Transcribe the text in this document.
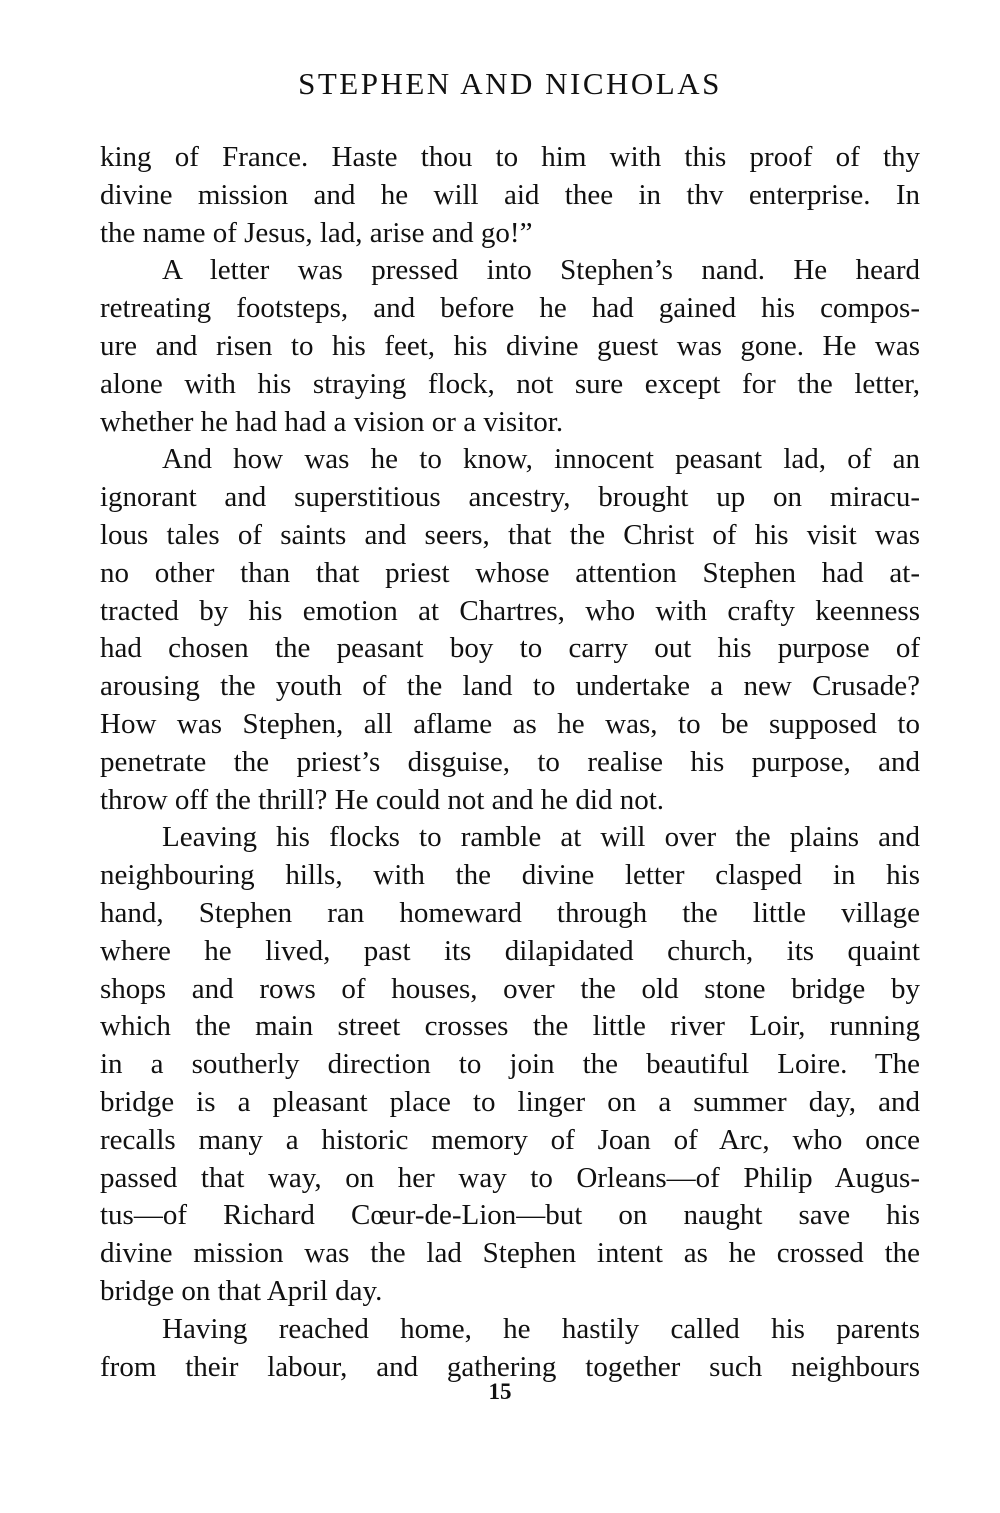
STEPHEN AND NICHOLAS
king of France. Haste thou to him with this proof of thy
divine mission and he will aid thee in thv enterprise. In
the name of Jesus, lad, arise and go!”
A letter was pressed into Stephen’s nand. He heard
retreating footsteps, and before he had gained his compos-
ure and risen to his feet, his divine guest was gone. He was
alone with his straying flock, not sure except for the letter,
whether he had had a vision or a visitor.
And how was he to know, innocent peasant lad, of an
ignorant and superstitious ancestry, brought up on miracu-
lous tales of saints and seers, that the Christ of his visit was
no other than that priest whose attention Stephen had at-
tracted by his emotion at Chartres, who with crafty keenness
had chosen the peasant boy to carry out his purpose of
arousing the youth of the land to undertake a new Crusade?
How was Stephen, all aflame as he was, to be supposed to
penetrate the priest’s disguise, to realise his purpose, and
throw off the thrill? He could not and he did not.
Leaving his flocks to ramble at will over the plains and
neighbouring hills, with the divine letter clasped in his
hand, Stephen ran homeward through the little village
where he lived, past its dilapidated church, its quaint
shops and rows of houses, over the old stone bridge by
which the main street crosses the little river Loir, running
in a southerly direction to join the beautiful Loire. The
bridge is a pleasant place to linger on a summer day, and
recalls many a historic memory of Joan of Arc, who once
passed that way, on her way to Orleans—of Philip Augus-
tus—of Richard Cœur-de-Lion—but on naught save his
divine mission was the lad Stephen intent as he crossed the
bridge on that April day.
Having reached home, he hastily called his parents
from their labour, and gathering together such neighbours
15
